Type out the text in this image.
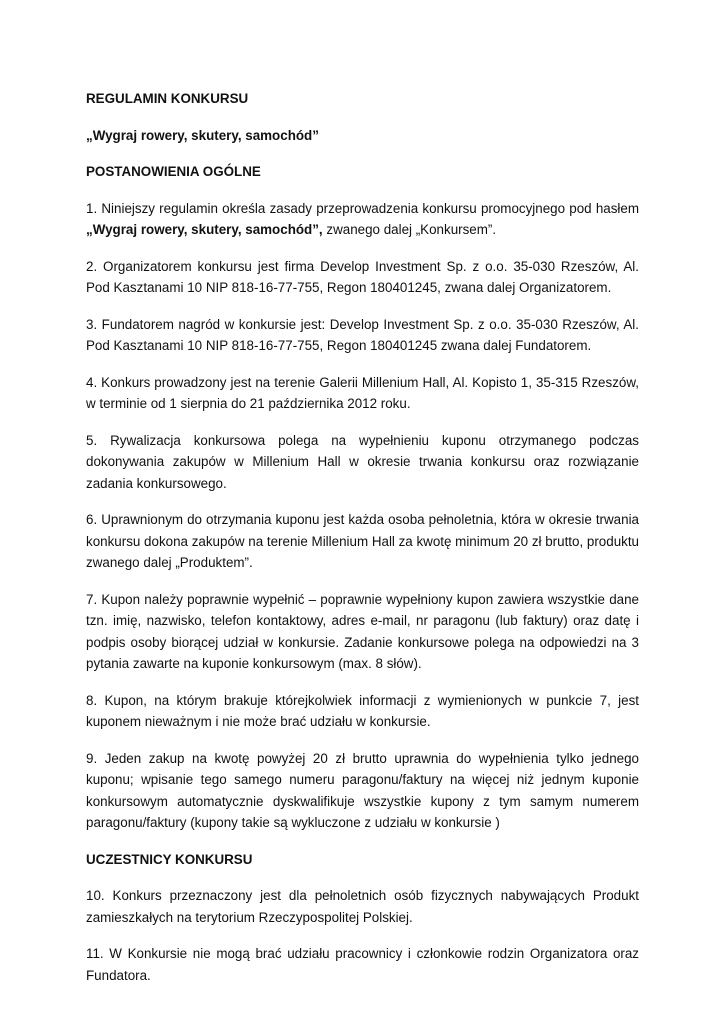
REGULAMIN KONKURSU

„Wygraj rowery, skutery, samochód”

POSTANOWIENIA OGÓLNE

1. Niniejszy regulamin określa zasady przeprowadzenia konkursu promocyjnego pod hasłem „Wygraj rowery, skutery, samochód”, zwanego dalej „Konkursem”.

2. Organizatorem konkursu jest firma Develop Investment Sp. z o.o. 35-030 Rzeszów, Al. Pod Kasztanami 10 NIP 818-16-77-755, Regon 180401245, zwana dalej Organizatorem.

3. Fundatorem nagród w konkursie jest: Develop Investment Sp. z o.o. 35-030 Rzeszów, Al. Pod Kasztanami 10 NIP 818-16-77-755, Regon 180401245 zwana dalej Fundatorem.

4. Konkurs prowadzony jest na terenie Galerii Millenium Hall, Al. Kopisto 1, 35-315 Rzeszów, w terminie od 1 sierpnia do 21 października 2012 roku.

5. Rywalizacja konkursowa polega na wypełnieniu kuponu otrzymanego podczas dokonywania zakupów w Millenium Hall w okresie trwania konkursu oraz rozwiązanie zadania konkursowego.

6. Uprawnionym do otrzymania kuponu jest każda osoba pełnoletnia, która w okresie trwania konkursu dokona zakupów na terenie Millenium Hall za kwotę minimum 20 zł brutto, produktu zwanego dalej „Produktem”.

7. Kupon należy poprawnie wypełnić – poprawnie wypełniony kupon zawiera wszystkie dane tzn. imię, nazwisko, telefon kontaktowy, adres e-mail, nr paragonu (lub faktury) oraz datę i podpis osoby biorącej udział w konkursie. Zadanie konkursowe polega na odpowiedzi na 3 pytania zawarte na kuponie konkursowym (max. 8 słów).

8. Kupon, na którym brakuje którejkolwiek informacji z wymienionych w punkcie 7, jest kuponem nieważnym i nie może brać udziału w konkursie.

9. Jeden zakup na kwotę powyżej 20 zł brutto uprawnia do wypełnienia tylko jednego kuponu; wpisanie tego samego numeru paragonu/faktury na więcej niż jednym kuponie konkursowym automatycznie dyskwalifikuje wszystkie kupony z tym samym numerem paragonu/faktury (kupony takie są wykluczone z udziału w konkursie )

UCZESTNICY KONKURSU

10. Konkurs przeznaczony jest dla pełnoletnich osób fizycznych nabywających Produkt zamieszkałych na terytorium Rzeczypospolitej Polskiej.

11. W Konkursie nie mogą brać udziału pracownicy i członkowie rodzin Organizatora oraz Fundatora.
